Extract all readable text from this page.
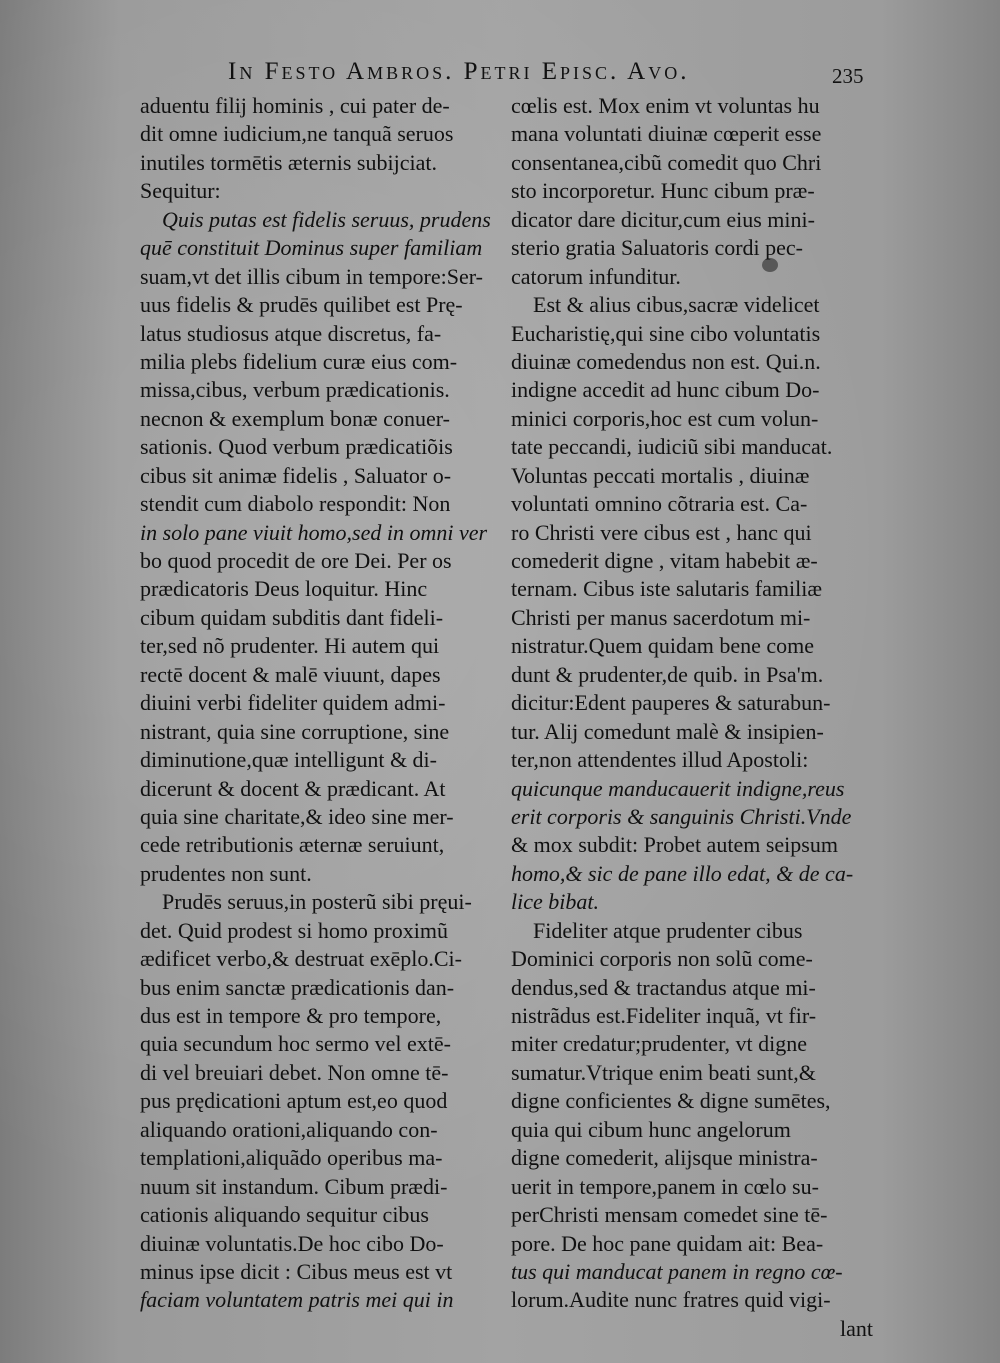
In Festo Ambros. Petri Episc. Avo.	235
aduentu filij hominis , cui pater de-
dit omne iudicium,ne tanquã seruos
inutiles tormētis æternis subijciat.
Sequitur:
Quis putas est fidelis seruus, prudens
quē constituit Dominus super familiam
suam,vt det illis cibum in tempore:Ser-
uus fidelis & prudēs quilibet est Prę-
latus studiosus atque discretus, fa-
milia plebs fidelium curæ eius com-
missa,cibus, verbum prædicationis.
necnon & exemplum bonæ conuer-
sationis. Quod verbum prædicatiõis
cibus sit animæ fidelis , Saluator o-
stendit cum diabolo respondit: Non
in solo pane viuit homo,sed in omni ver
bo quod procedit de ore Dei. Per os
prædicatoris Deus loquitur. Hinc
cibum quidam subditis dant fideli-
ter,sed nõ prudenter. Hi autem qui
rectē docent & malē viuunt, dapes
diuini verbi fideliter quidem admi-
nistrant, quia sine corruptione, sine
diminutione,quæ intelligunt & di-
dicerunt & docent & prædicant. At
quia sine charitate,& ideo sine mer-
cede retributionis æternæ seruiunt,
prudentes non sunt.
Prudēs seruus,in posterũ sibi pręui-
det. Quid prodest si homo proximũ
ædificet verbo,& destruat exēplo.Ci-
bus enim sanctæ prædicationis dan-
dus est in tempore & pro tempore,
quia secundum hoc sermo vel extē-
di vel breuiari debet. Non omne tē-
pus prędicationi aptum est,eo quod
aliquando orationi,aliquando con-
templationi,aliquãdo operibus ma-
nuum sit instandum. Cibum prædi-
cationis aliquando sequitur cibus
diuinæ voluntatis.De hoc cibo Do-
minus ipse dicit : Cibus meus est vt
faciam voluntatem patris mei qui in
cœlis est. Mox enim vt voluntas hu
mana voluntati diuinæ cœperit esse
consentanea,cibũ comedit quo Chri
sto incorporetur. Hunc cibum præ-
dicator dare dicitur,cum eius mini-
sterio gratia Saluatoris cordi pec-
catorum infunditur.
Est & alius cibus,sacræ videlicet
Eucharistię,qui sine cibo voluntatis
diuinæ comedendus non est. Qui.n.
indigne accedit ad hunc cibum Do-
minici corporis,hoc est cum volun-
tate peccandi, iudiciũ sibi manducat.
Voluntas peccati mortalis , diuinæ
voluntati omnino cõtraria est. Ca-
ro Christi vere cibus est , hanc qui
comederit digne , vitam habebit æ-
ternam. Cibus iste salutaris familiæ
Christi per manus sacerdotum mi-
nistratur.Quem quidam bene come
dunt & prudenter,de quib. in Psa'm.
dicitur:Edent pauperes & saturabun-
tur. Alij comedunt malè & insipien-
ter,non attendentes illud Apostoli:
quicunque manducauerit indigne,reus
erit corporis & sanguinis Christi.Vnde
& mox subdit: Probet autem seipsum
homo,& sic de pane illo edat, & de ca-
lice bibat.
Fideliter atque prudenter cibus
Dominici corporis non solũ come-
dendus,sed & tractandus atque mi-
nistrãdus est.Fideliter inquã, vt fir-
miter credatur;prudenter, vt digne
sumatur.Vtrique enim beati sunt,&
digne conficientes & digne sumētes,
quia qui cibum hunc angelorum
digne comederit, alijsque ministra-
uerit in tempore,panem in cœlo su-
perChristi mensam comedet sine tē-
pore. De hoc pane quidam ait: Bea-
tus qui manducat panem in regno cœ-
lorum.Audite nunc fratres quid vigi-
lant
